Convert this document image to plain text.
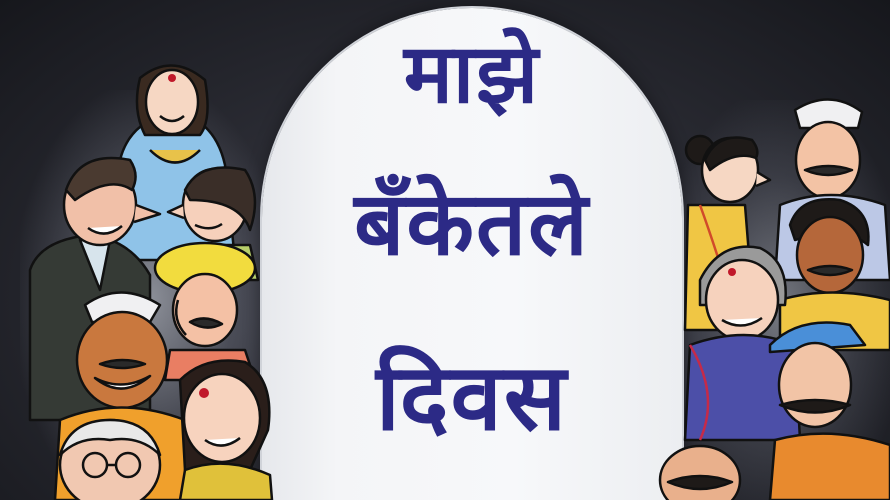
माझे
बँकेतले
दिवस
